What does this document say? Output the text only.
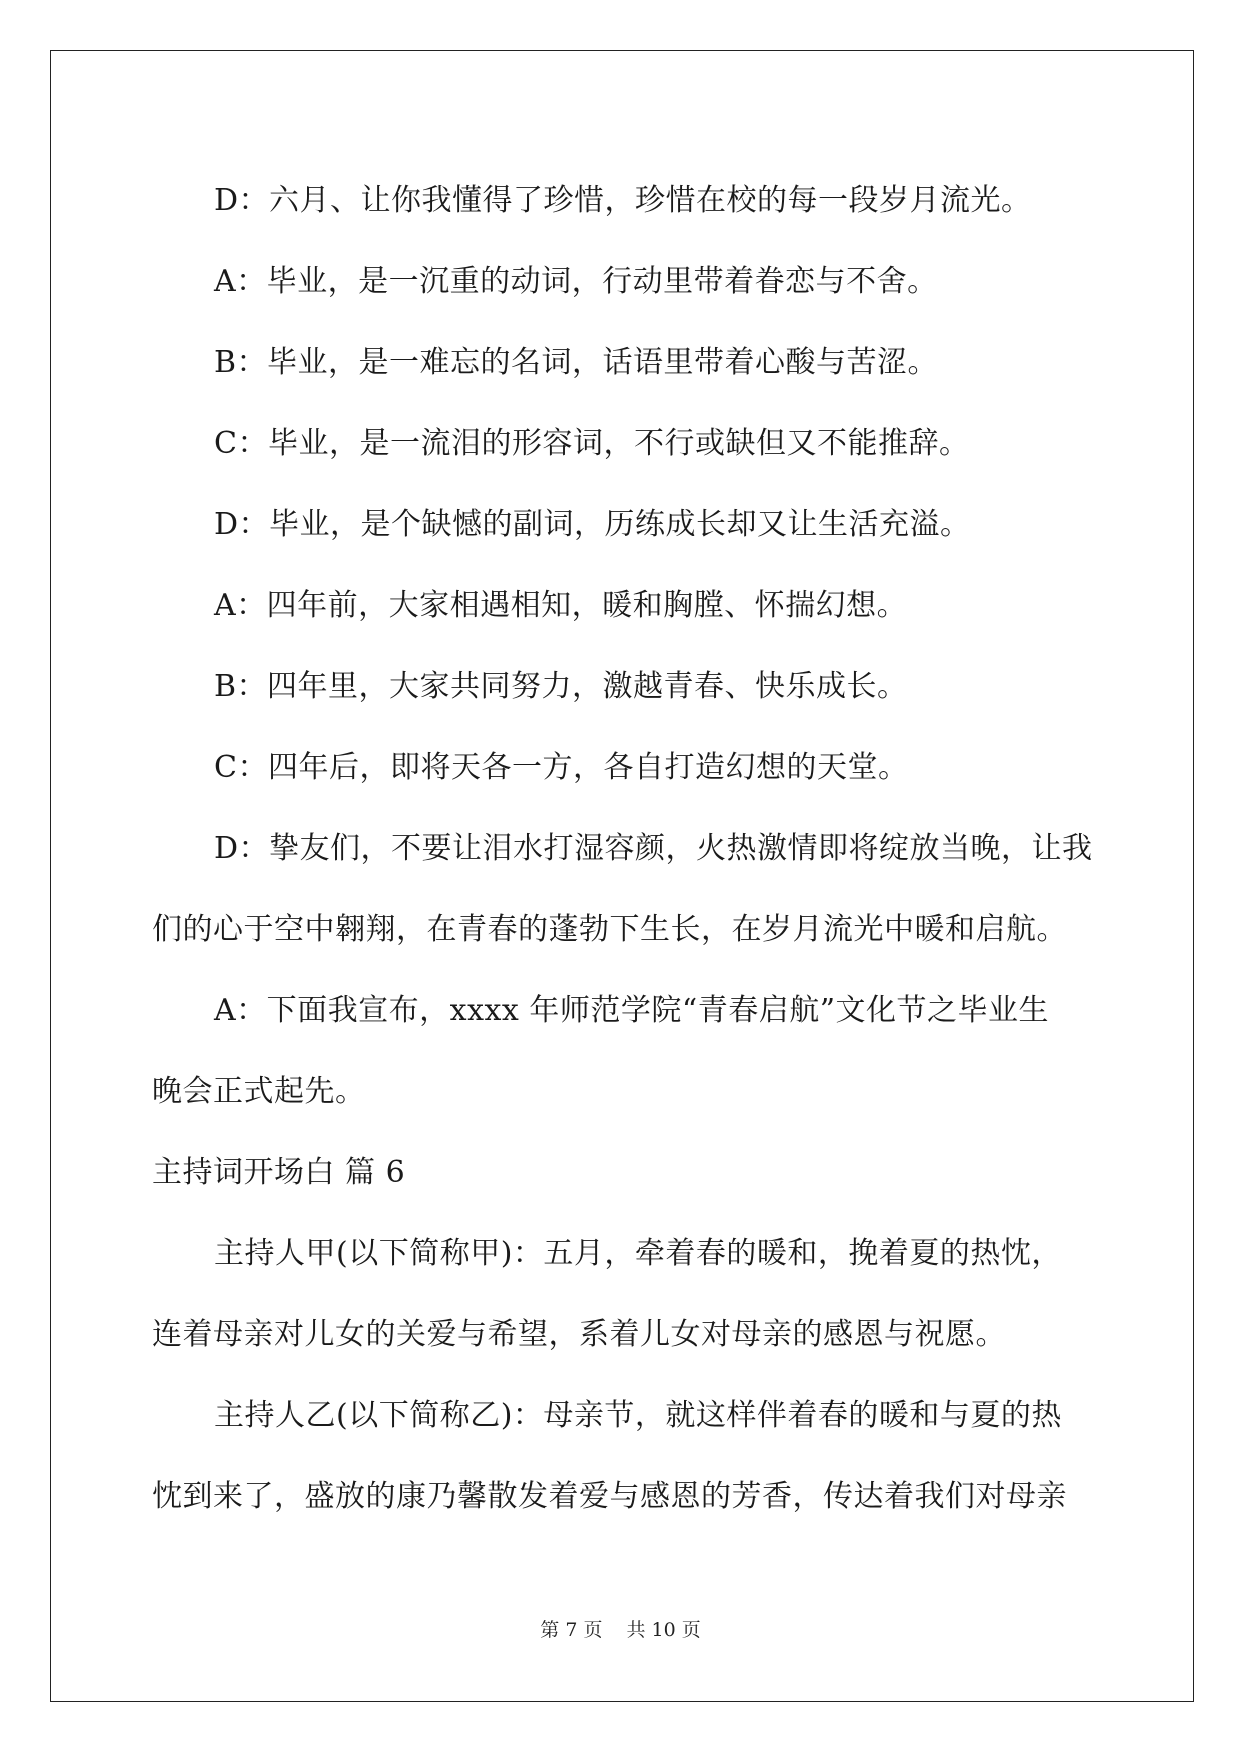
D：六月、让你我懂得了珍惜，珍惜在校的每一段岁月流光。
A：毕业，是一沉重的动词，行动里带着眷恋与不舍。
B：毕业，是一难忘的名词，话语里带着心酸与苦涩。
C：毕业，是一流泪的形容词，不行或缺但又不能推辞。
D：毕业，是个缺憾的副词，历练成长却又让生活充溢。
A：四年前，大家相遇相知，暖和胸膛、怀揣幻想。
B：四年里，大家共同努力，激越青春、快乐成长。
C：四年后，即将天各一方，各自打造幻想的天堂。
D：挚友们，不要让泪水打湿容颜，火热激情即将绽放当晚，让我
们的心于空中翱翔，在青春的蓬勃下生长，在岁月流光中暖和启航。
A：下面我宣布，xxxx 年师范学院“青春启航”文化节之毕业生
晚会正式起先。
主持词开场白 篇 6
主持人甲(以下简称甲)：五月，牵着春的暖和，挽着夏的热忱，
连着母亲对儿女的关爱与希望，系着儿女对母亲的感恩与祝愿。
主持人乙(以下简称乙)：母亲节，就这样伴着春的暖和与夏的热
忱到来了，盛放的康乃馨散发着爱与感恩的芳香，传达着我们对母亲
第 7 页 共 10 页
